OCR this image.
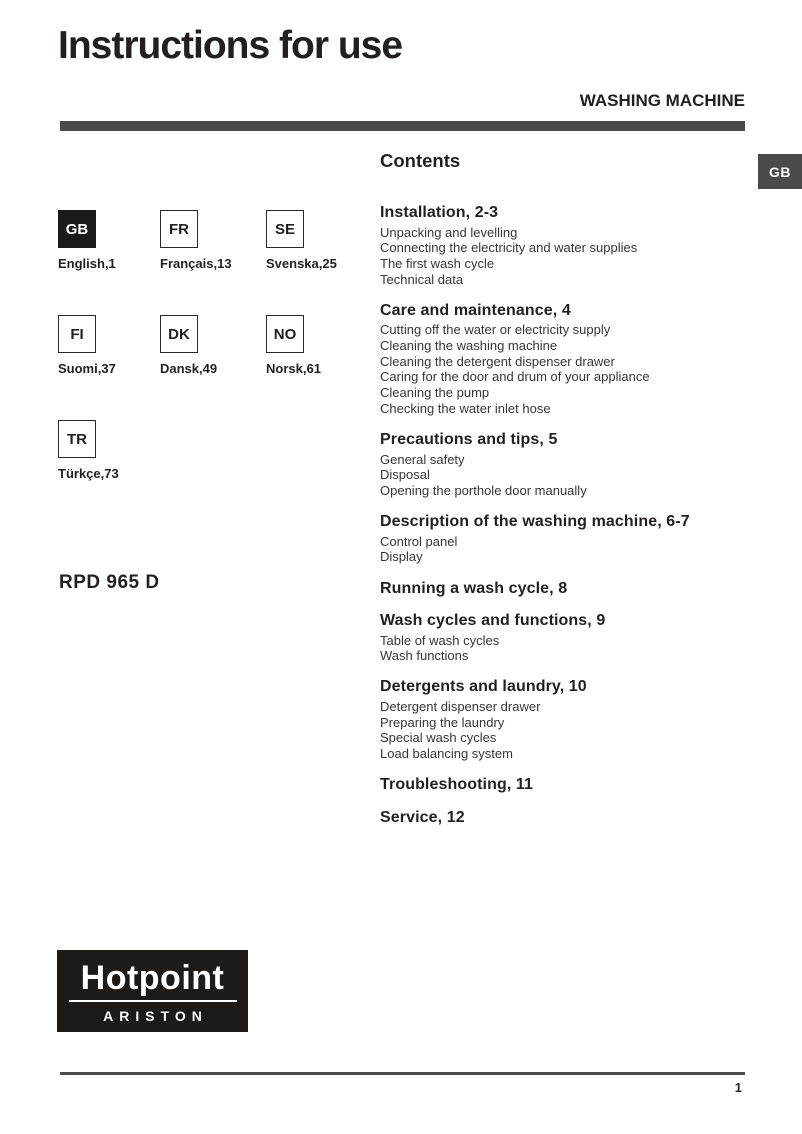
Instructions for use
WASHING MACHINE
GB
GB
English,1
FR
Français,13
SE
Svenska,25
FI
Suomi,37
DK
Dansk,49
NO
Norsk,61
TR
Türkçe,73
RPD 965 D
Contents
Installation, 2-3
Unpacking and levelling
Connecting the electricity and water supplies
The first wash cycle
Technical data
Care and maintenance, 4
Cutting off the water or electricity supply
Cleaning the washing machine
Cleaning the detergent dispenser drawer
Caring for the door and drum of your appliance
Cleaning the pump
Checking the water inlet hose
Precautions and tips, 5
General safety
Disposal
Opening the porthole door manually
Description of the washing machine, 6-7
Control panel
Display
Running a wash cycle, 8
Wash cycles and functions, 9
Table of wash cycles
Wash functions
Detergents and laundry, 10
Detergent dispenser drawer
Preparing the laundry
Special wash cycles
Load balancing system
Troubleshooting, 11
Service, 12
Hotpoint
ARISTON
1
